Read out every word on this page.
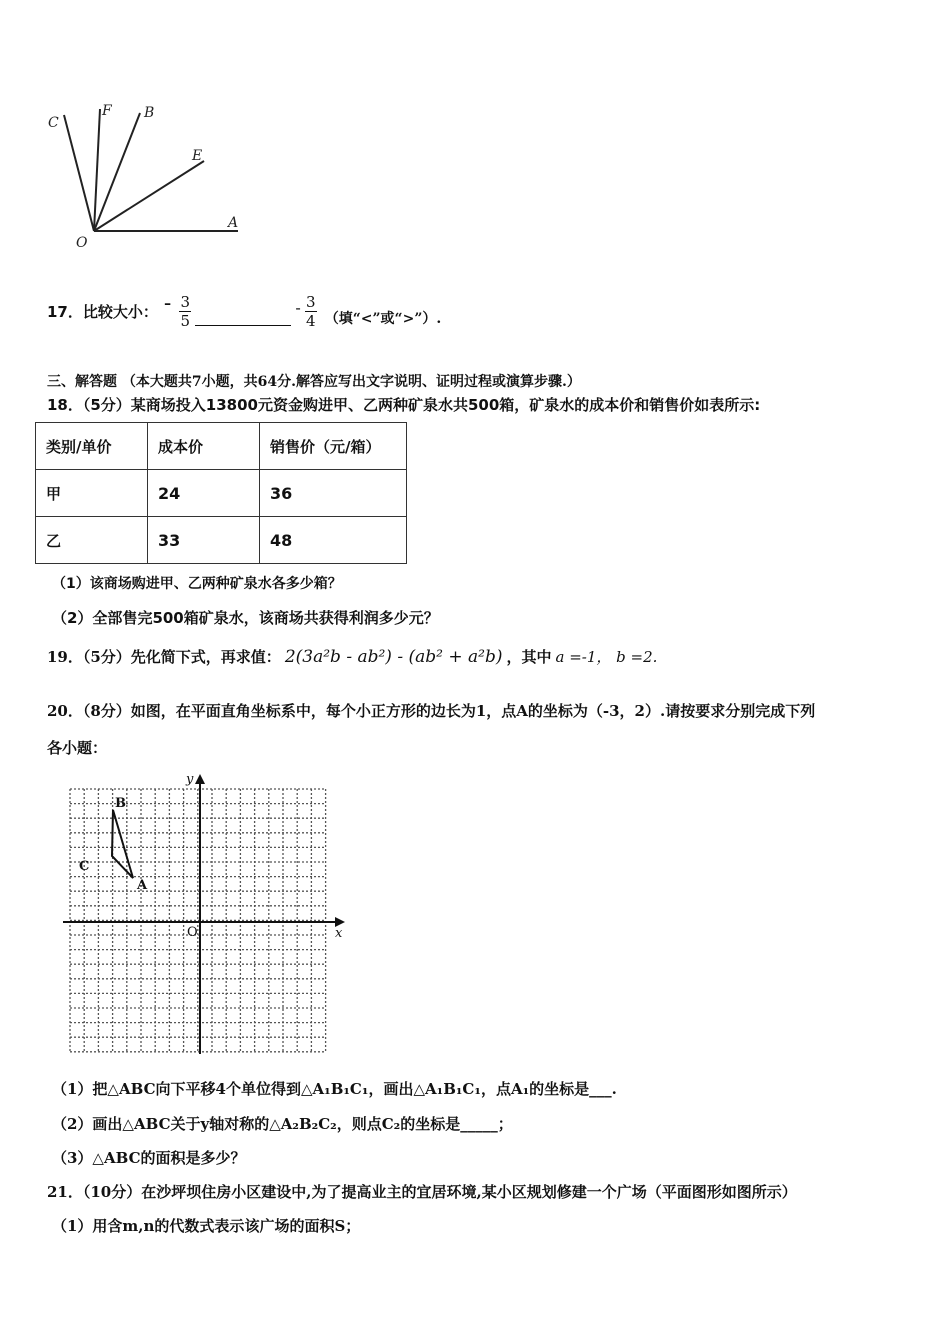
C
F B
E
A
O
17．比较大小： - $\frac{3}{5}$	- $\frac{3}{4}$ （填“<”或“>”）.
三、解答题 （本大题共7小题，共64分.解答应写出文字说明、证明过程或演算步骤.）
18．（5分）某商场投入13800元资金购进甲、乙两种矿泉水共500箱，矿泉水的成本价和销售价如表所示:
类别/单价	成本价	销售价（元/箱）
甲	24	36
乙	33	48
（1）该商场购进甲、乙两种矿泉水各多少箱？
（2）全部售完500箱矿泉水，该商场共获得利润多少元？
19．（5分）先化简下式，再求值： 2(3a²b - ab²) - (ab² + a²b) ，其中 a =-1， b =2.
20．（8分）如图，在平面直角坐标系中，每个小正方形的边长为1，点A的坐标为（-3，2）.请按要求分别完成下列
各小题：
y
x
O
A
B
C
（1）把△ABC向下平移4个单位得到△A₁B₁C₁，画出△A₁B₁C₁，点A₁的坐标是___.
（2）画出△ABC关于y轴对称的△A₂B₂C₂，则点C₂的坐标是_____；
（3）△ABC的面积是多少？
21．（10分）在沙坪坝住房小区建设中,为了提高业主的宜居环境,某小区规划修建一个广场（平面图形如图所示）
（1）用含m,n的代数式表示该广场的面积S；
